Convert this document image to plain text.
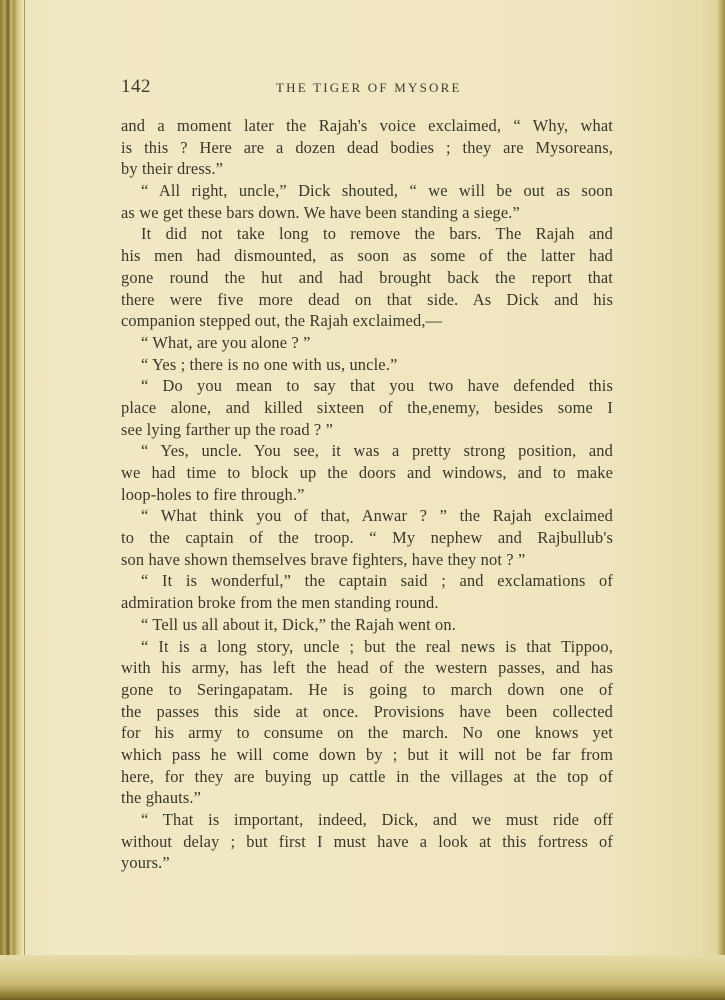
142	THE TIGER OF MYSORE
and a moment later the Rajah's voice exclaimed, “ Why, what
is this ? Here are a dozen dead bodies ; they are Mysoreans,
by their dress.”
“ All right, uncle,” Dick shouted, “ we will be out as soon
as we get these bars down. We have been standing a siege.”
It did not take long to remove the bars. The Rajah and
his men had dismounted, as soon as some of the latter had
gone round the hut and had brought back the report that
there were five more dead on that side. As Dick and his
companion stepped out, the Rajah exclaimed,—
“ What, are you alone ? ”
“ Yes ; there is no one with us, uncle.”
“ Do you mean to say that you two have defended this
place alone, and killed sixteen of the,enemy, besides some I
see lying farther up the road ? ”
“ Yes, uncle. You see, it was a pretty strong position, and
we had time to block up the doors and windows, and to make
loop-holes to fire through.”
“ What think you of that, Anwar ? ” the Rajah exclaimed
to the captain of the troop. “ My nephew and Rajbullub's
son have shown themselves brave fighters, have they not ? ”
“ It is wonderful,” the captain said ; and exclamations of
admiration broke from the men standing round.
“ Tell us all about it, Dick,” the Rajah went on.
“ It is a long story, uncle ; but the real news is that Tippoo,
with his army, has left the head of the western passes, and has
gone to Seringapatam. He is going to march down one of
the passes this side at once. Provisions have been collected
for his army to consume on the march. No one knows yet
which pass he will come down by ; but it will not be far from
here, for they are buying up cattle in the villages at the top of
the ghauts.”
“ That is important, indeed, Dick, and we must ride off
without delay ; but first I must have a look at this fortress of
yours.”
